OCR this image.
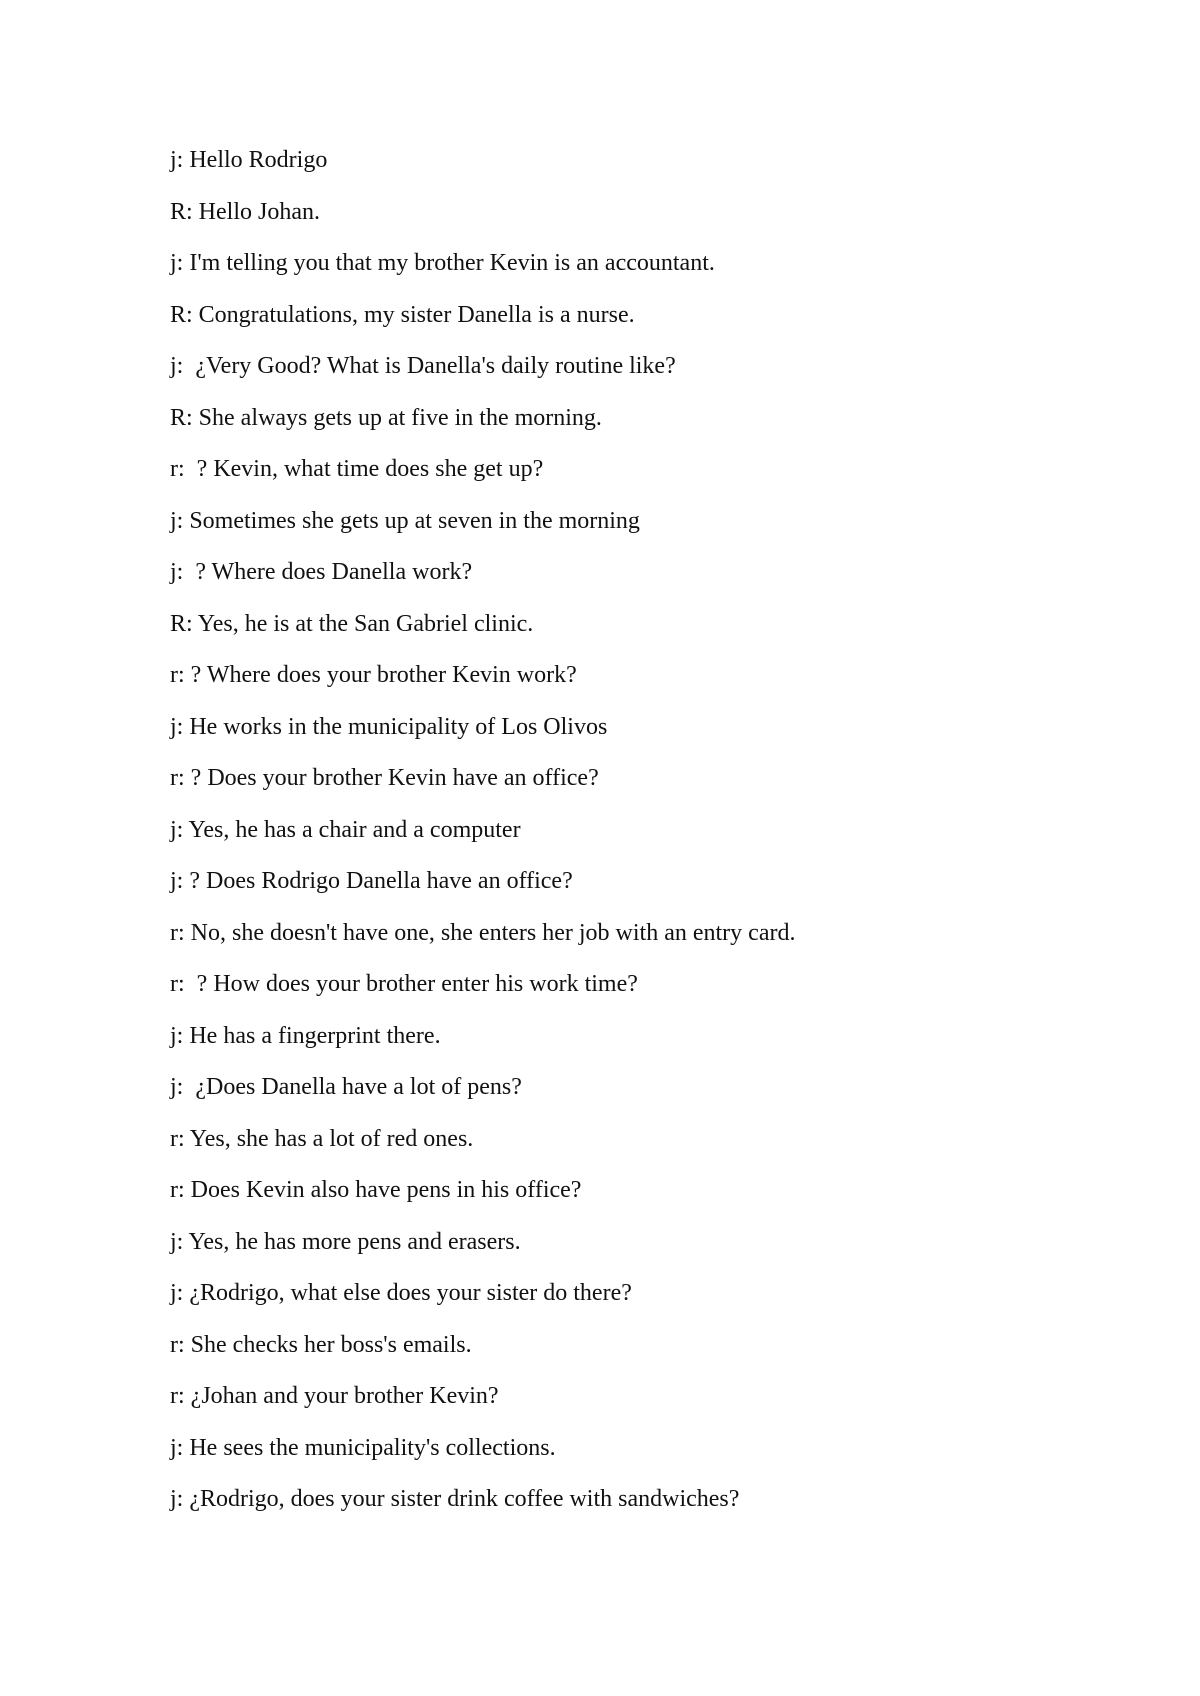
j: Hello Rodrigo
R: Hello Johan.
j: I'm telling you that my brother Kevin is an accountant.
R: Congratulations, my sister Danella is a nurse.
j:  ¿Very Good? What is Danella's daily routine like?
R: She always gets up at five in the morning.
r:  ? Kevin, what time does she get up?
j: Sometimes she gets up at seven in the morning
j:  ? Where does Danella work?
R: Yes, he is at the San Gabriel clinic.
r: ? Where does your brother Kevin work?
j: He works in the municipality of Los Olivos
r: ? Does your brother Kevin have an office?
j: Yes, he has a chair and a computer
j: ? Does Rodrigo Danella have an office?
r: No, she doesn't have one, she enters her job with an entry card.
r:  ? How does your brother enter his work time?
j: He has a fingerprint there.
j:  ¿Does Danella have a lot of pens?
r: Yes, she has a lot of red ones.
r: Does Kevin also have pens in his office?
j: Yes, he has more pens and erasers.
j: ¿Rodrigo, what else does your sister do there?
r: She checks her boss's emails.
r: ¿Johan and your brother Kevin?
j: He sees the municipality's collections.
j: ¿Rodrigo, does your sister drink coffee with sandwiches?
